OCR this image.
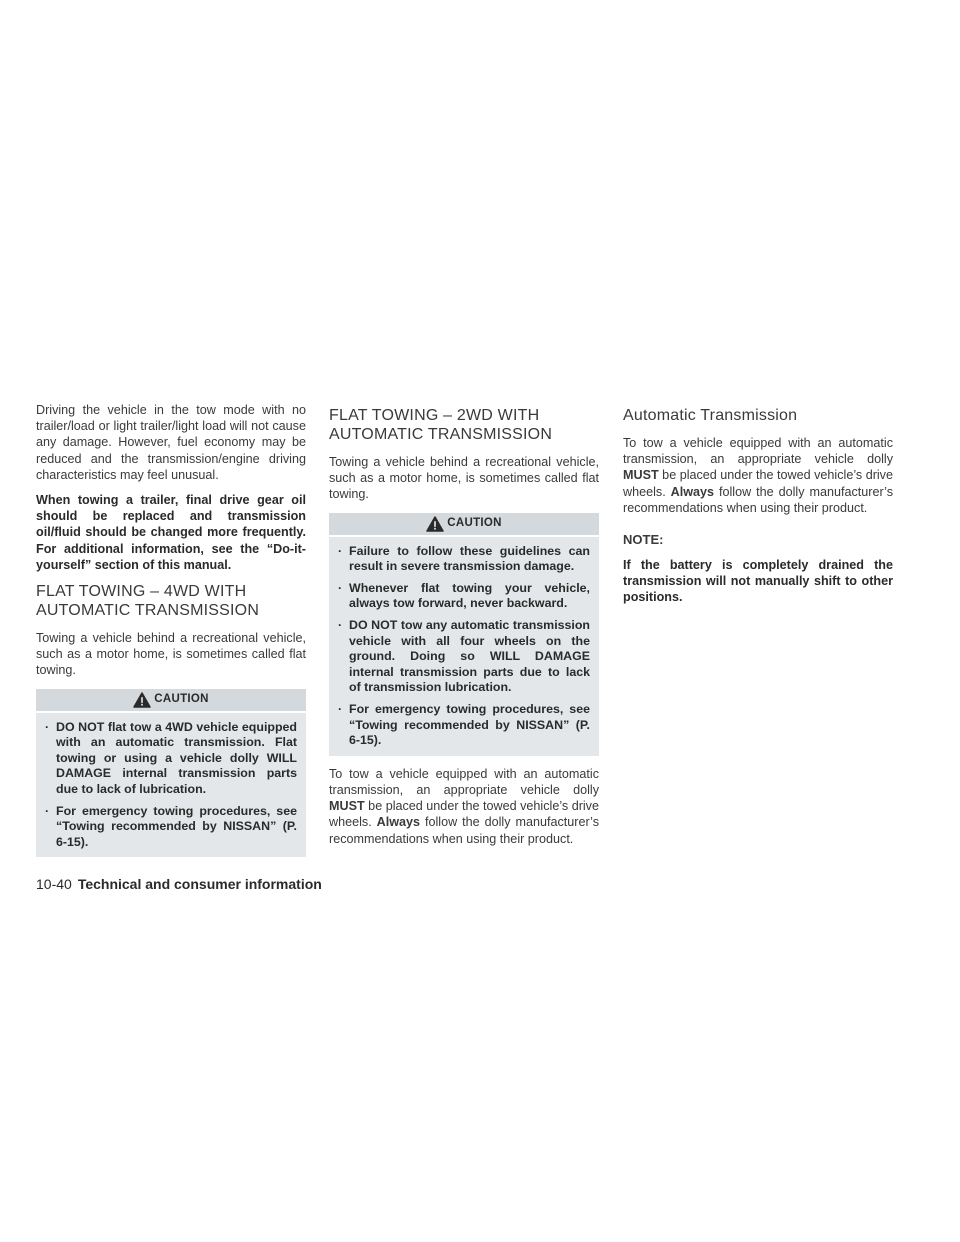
Driving the vehicle in the tow mode with no trailer/load or light trailer/light load will not cause any damage. However, fuel economy may be reduced and the transmission/engine driving characteristics may feel unusual.

When towing a trailer, final drive gear oil should be replaced and transmission oil/fluid should be changed more frequently. For additional information, see the “Do-it-yourself” section of this manual.

FLAT TOWING – 4WD WITH AUTOMATIC TRANSMISSION

Towing a vehicle behind a recreational vehicle, such as a motor home, is sometimes called flat towing.

CAUTION
· DO NOT flat tow a 4WD vehicle equipped with an automatic transmission. Flat towing or using a vehicle dolly WILL DAMAGE internal transmission parts due to lack of lubrication.
· For emergency towing procedures, see “Towing recommended by NISSAN” (P. 6-15).
FLAT TOWING – 2WD WITH AUTOMATIC TRANSMISSION

Towing a vehicle behind a recreational vehicle, such as a motor home, is sometimes called flat towing.

CAUTION
· Failure to follow these guidelines can result in severe transmission damage.
· Whenever flat towing your vehicle, always tow forward, never backward.
· DO NOT tow any automatic transmission vehicle with all four wheels on the ground. Doing so WILL DAMAGE internal transmission parts due to lack of transmission lubrication.
· For emergency towing procedures, see “Towing recommended by NISSAN” (P. 6-15).

To tow a vehicle equipped with an automatic transmission, an appropriate vehicle dolly MUST be placed under the towed vehicle’s drive wheels. Always follow the dolly manufacturer’s recommendations when using their product.

Automatic Transmission

To tow a vehicle equipped with an automatic transmission, an appropriate vehicle dolly MUST be placed under the towed vehicle’s drive wheels. Always follow the dolly manufacturer’s recommendations when using their product.

NOTE:

If the battery is completely drained the transmission will not manually shift to other positions.

10-40 Technical and consumer information
